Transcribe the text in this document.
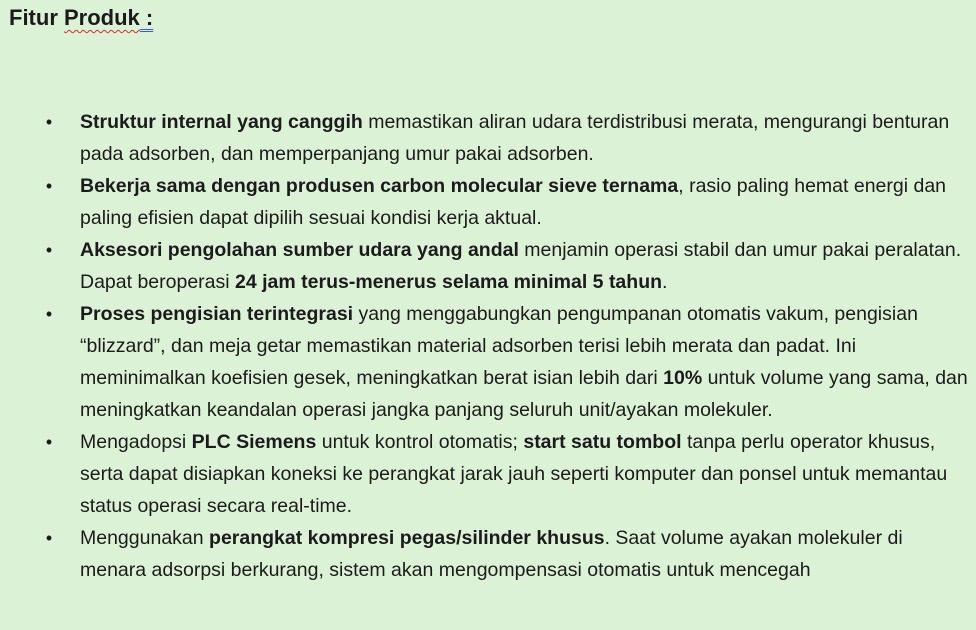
Fitur Produk :
• Struktur internal yang canggih memastikan aliran udara terdistribusi merata, mengurangi benturan pada adsorben, dan memperpanjang umur pakai adsorben.
• Bekerja sama dengan produsen carbon molecular sieve ternama, rasio paling hemat energi dan paling efisien dapat dipilih sesuai kondisi kerja aktual.
• Aksesori pengolahan sumber udara yang andal menjamin operasi stabil dan umur pakai peralatan. Dapat beroperasi 24 jam terus-menerus selama minimal 5 tahun.
• Proses pengisian terintegrasi yang menggabungkan pengumpanan otomatis vakum, pengisian “blizzard”, dan meja getar memastikan material adsorben terisi lebih merata dan padat. Ini meminimalkan koefisien gesek, meningkatkan berat isian lebih dari 10% untuk volume yang sama, dan meningkatkan keandalan operasi jangka panjang seluruh unit/ayakan molekuler.
• Mengadopsi PLC Siemens untuk kontrol otomatis; start satu tombol tanpa perlu operator khusus, serta dapat disiapkan koneksi ke perangkat jarak jauh seperti komputer dan ponsel untuk memantau status operasi secara real-time.
• Menggunakan perangkat kompresi pegas/silinder khusus. Saat volume ayakan molekuler di menara adsorpsi berkurang, sistem akan mengompensasi otomatis untuk mencegah
